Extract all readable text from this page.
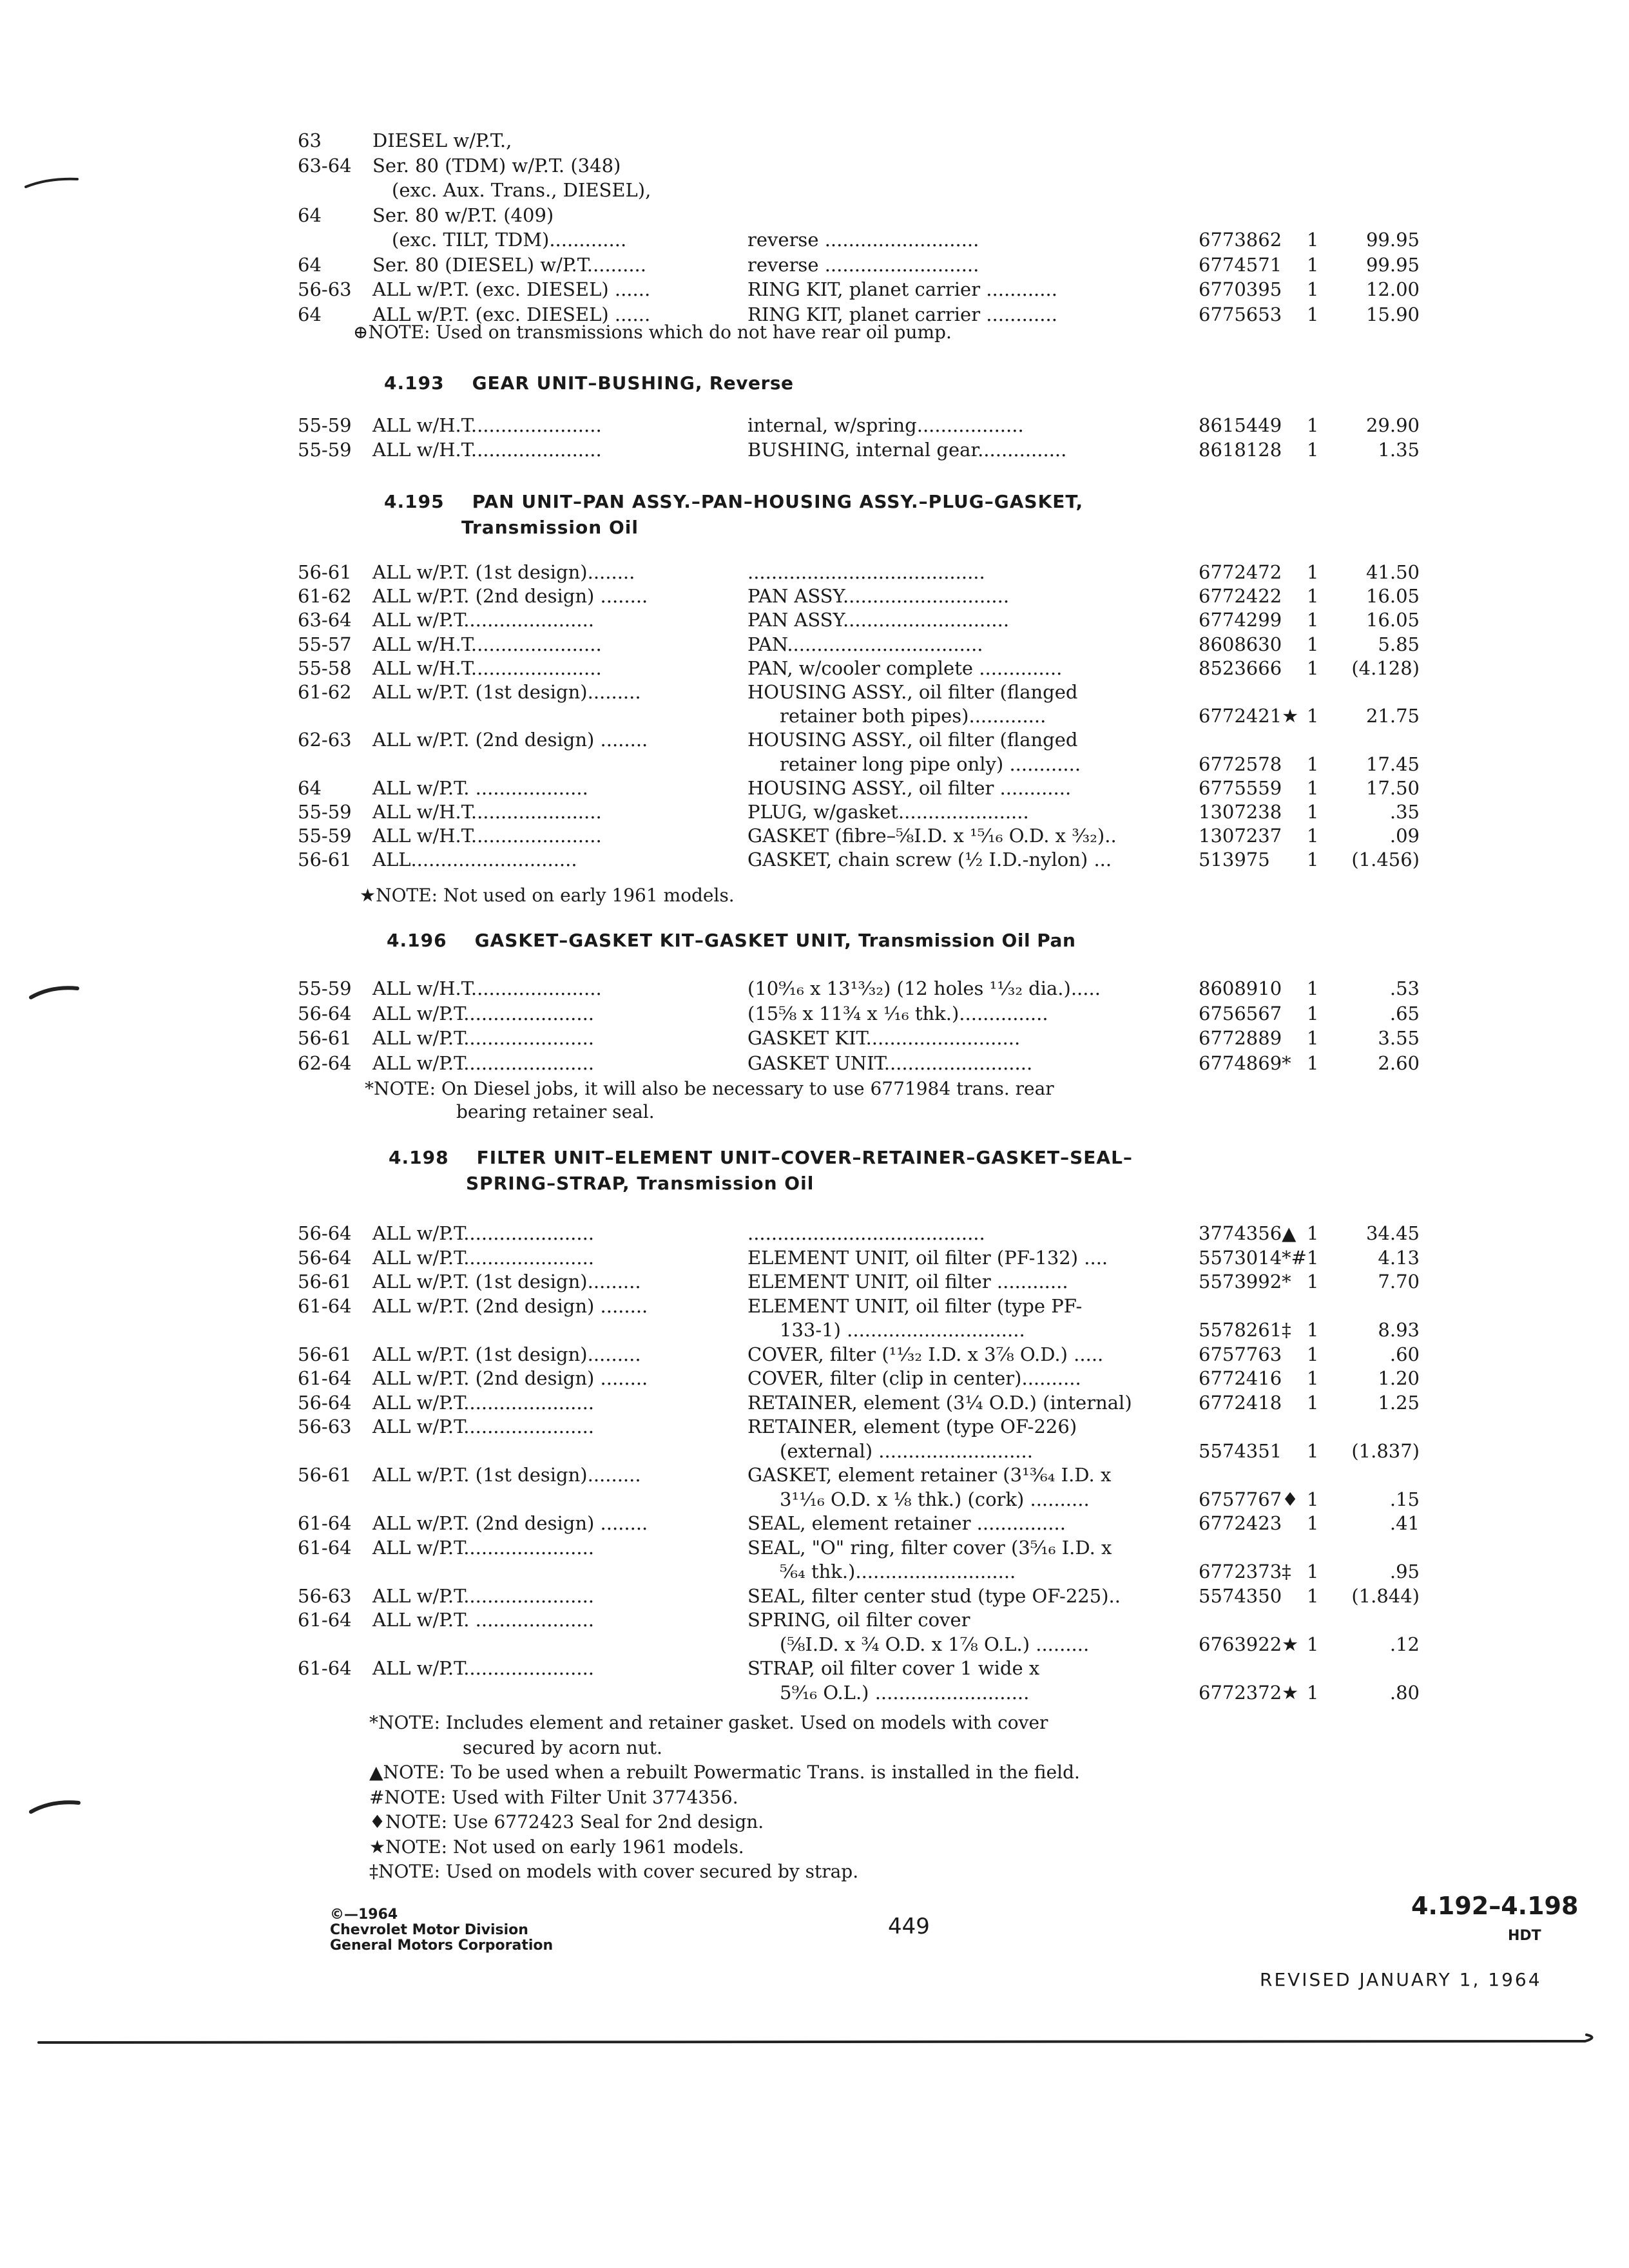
63	DIESEL w/P.T.,
63-64 Ser. 80 (TDM) w/P.T. (348)
(exc. Aux. Trans., DIESEL),
64	Ser. 80 w/P.T. (409)
(exc. TILT, TDM).............	reverse ..........................	6773862 1	99.95
64	Ser. 80 (DIESEL) w/P.T..........	reverse ..........................	6774571 1	99.95
56-63 ALL w/P.T. (exc. DIESEL) ......	RING KIT, planet carrier ............	6770395 1	12.00
64	ALL w/P.T. (exc. DIESEL) ......	RING KIT, planet carrier ............	6775653 1	15.90
⊕NOTE: Used on transmissions which do not have rear oil pump.
4.193    GEAR UNIT–BUSHING, Reverse
55-59 ALL w/H.T......................	internal, w/spring..................	8615449 1	29.90
55-59 ALL w/H.T......................	BUSHING, internal gear...............	8618128 1	1.35
4.195    PAN UNIT–PAN ASSY.–PAN–HOUSING ASSY.–PLUG–GASKET,
Transmission Oil
56-61 ALL w/P.T. (1st design)........	........................................	6772472 1	41.50
61-62 ALL w/P.T. (2nd design) ........	PAN ASSY............................	6772422 1	16.05
63-64 ALL w/P.T......................	PAN ASSY............................	6774299 1	16.05
55-57 ALL w/H.T......................	PAN.................................	8608630 1	5.85
55-58 ALL w/H.T......................	PAN, w/cooler complete ..............	8523666 1 (4.128)
61-62 ALL w/P.T. (1st design).........	HOUSING ASSY., oil filter (flanged
retainer both pipes).............	6772421★ 1	21.75
62-63 ALL w/P.T. (2nd design) ........	HOUSING ASSY., oil filter (flanged
retainer long pipe only) ............	6772578 1	17.45
64	ALL w/P.T. ...................	HOUSING ASSY., oil filter ............	6775559 1	17.50
55-59 ALL w/H.T......................	PLUG, w/gasket......................	1307238 1	.35
55-59 ALL w/H.T......................	GASKET (fibre–⅝I.D. x ¹⁵⁄₁₆ O.D. x ³⁄₃₂)..	1307237 1	.09
56-61 ALL............................	GASKET, chain screw (½ I.D.-nylon) ...	513975 1 (1.456)
★NOTE: Not used on early 1961 models.
4.196    GASKET–GASKET KIT–GASKET UNIT, Transmission Oil Pan
55-59 ALL w/H.T......................	(10⁹⁄₁₆ x 13¹³⁄₃₂) (12 holes ¹¹⁄₃₂ dia.).....	8608910 1	.53
56-64 ALL w/P.T......................	(15⅝ x 11¾ x ¹⁄₁₆ thk.)...............	6756567 1	.65
56-61 ALL w/P.T......................	GASKET KIT..........................	6772889 1	3.55
62-64 ALL w/P.T......................	GASKET UNIT.........................	6774869* 1	2.60
*NOTE: On Diesel jobs, it will also be necessary to use 6771984 trans. rear
bearing retainer seal.
4.198    FILTER UNIT–ELEMENT UNIT–COVER–RETAINER–GASKET–SEAL–
SPRING–STRAP, Transmission Oil
56-64 ALL w/P.T......................	........................................	3774356▲ 1	34.45
56-64 ALL w/P.T......................	ELEMENT UNIT, oil filter (PF-132) ....	5573014*# 1	4.13
56-61 ALL w/P.T. (1st design).........	ELEMENT UNIT, oil filter ............	5573992* 1	7.70
61-64 ALL w/P.T. (2nd design) ........	ELEMENT UNIT, oil filter (type PF-
133-1) ..............................	5578261‡ 1	8.93
56-61 ALL w/P.T. (1st design).........	COVER, filter (¹¹⁄₃₂ I.D. x 3⅞ O.D.) .....	6757763 1	.60
61-64 ALL w/P.T. (2nd design) ........	COVER, filter (clip in center)..........	6772416 1	1.20
56-64 ALL w/P.T......................	RETAINER, element (3¼ O.D.) (internal)	6772418 1	1.25
56-63 ALL w/P.T......................	RETAINER, element (type OF-226)
(external) ..........................	5574351 1 (1.837)
56-61 ALL w/P.T. (1st design).........	GASKET, element retainer (3¹³⁄₆₄ I.D. x
3¹¹⁄₁₆ O.D. x ⅛ thk.) (cork) ..........	6757767♦ 1	.15
61-64 ALL w/P.T. (2nd design) ........	SEAL, element retainer ...............	6772423 1	.41
61-64 ALL w/P.T......................	SEAL, "O" ring, filter cover (3⁵⁄₁₆ I.D. x
⁵⁄₆₄ thk.)...........................	6772373‡ 1	.95
56-63 ALL w/P.T......................	SEAL, filter center stud (type OF-225)..	5574350 1 (1.844)
61-64 ALL w/P.T. ....................	SPRING, oil filter cover
(⅝I.D. x ¾ O.D. x 1⅞ O.L.) .........	6763922★ 1	.12
61-64 ALL w/P.T......................	STRAP, oil filter cover 1 wide x
5⁹⁄₁₆ O.L.) ..........................	6772372★ 1	.80
*NOTE: Includes element and retainer gasket. Used on models with cover
secured by acorn nut.
▲NOTE: To be used when a rebuilt Powermatic Trans. is installed in the field.
#NOTE: Used with Filter Unit 3774356.
♦NOTE: Use 6772423 Seal for 2nd design.
★NOTE: Not used on early 1961 models.
‡NOTE: Used on models with cover secured by strap.
©—1964
Chevrolet Motor Division
General Motors Corporation
449
4.192–4.198
HDT
REVISED JANUARY 1, 1964
